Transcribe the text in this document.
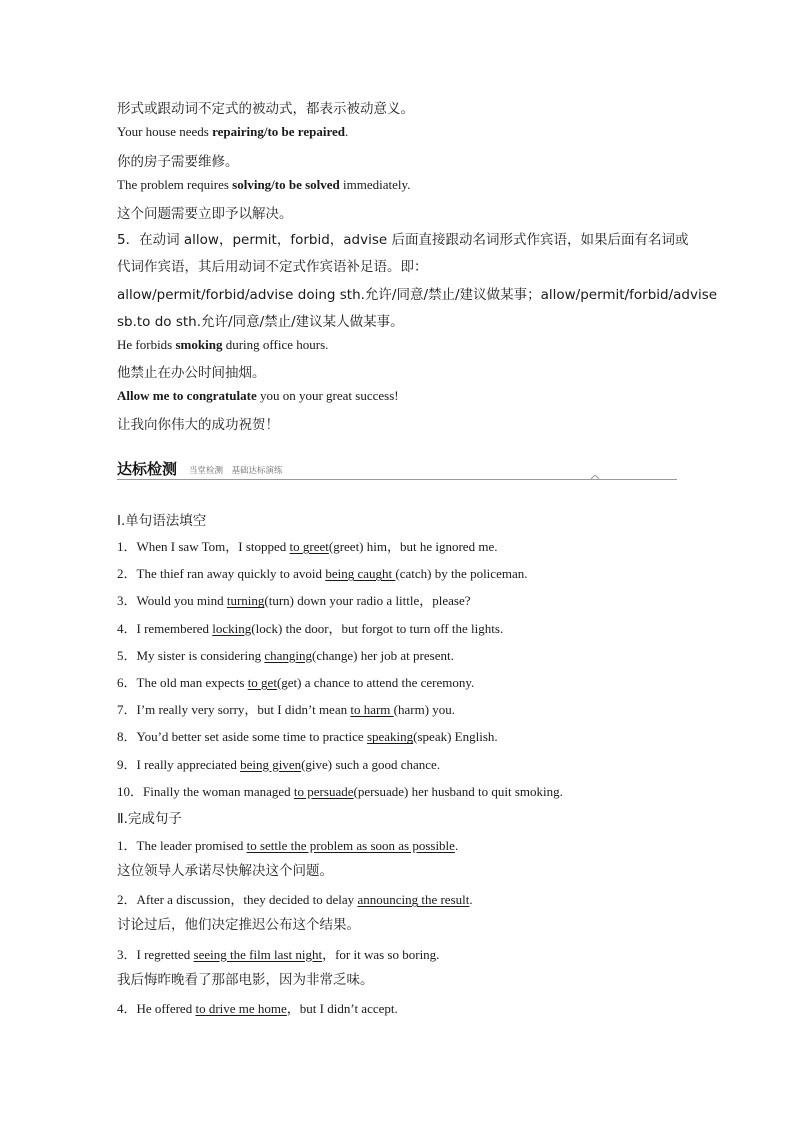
形式或跟动词不定式的被动式，都表示被动意义。
Your house needs repairing/to be repaired.
你的房子需要维修。
The problem requires solving/to be solved immediately.
这个问题需要立即予以解决。
5．在动词 allow，permit，forbid，advise 后面直接跟动名词形式作宾语，如果后面有名词或
代词作宾语，其后用动词不定式作宾语补足语。即：
allow/permit/forbid/advise doing sth.允许/同意/禁止/建议做某事；allow/permit/forbid/advise
sb.to do sth.允许/同意/禁止/建议某人做某事。
He forbids smoking during office hours.
他禁止在办公时间抽烟。
Allow me to congratulate you on your great success!
让我向你伟大的成功祝贺！
达标检测 当堂检测　基础达标演练
Ⅰ.单句语法填空
1．When I saw Tom，I stopped to greet(greet) him，but he ignored me.
2．The thief ran away quickly to avoid being caught (catch) by the policeman.
3．Would you mind turning(turn) down your radio a little，please?
4．I remembered locking(lock) the door，but forgot to turn off the lights.
5．My sister is considering changing(change) her job at present.
6．The old man expects to get(get) a chance to attend the ceremony.
7．I’m really very sorry，but I didn’t mean to harm (harm) you.
8．You’d better set aside some time to practice speaking(speak) English.
9．I really appreciated being given(give) such a good chance.
10．Finally the woman managed to persuade(persuade) her husband to quit smoking.
Ⅱ.完成句子
1．The leader promised to settle the problem as soon as possible.
这位领导人承诺尽快解决这个问题。
2．After a discussion，they decided to delay announcing the result.
讨论过后，他们决定推迟公布这个结果。
3．I regretted seeing the film last night，for it was so boring.
我后悔昨晚看了那部电影，因为非常乏味。
4．He offered to drive me home，but I didn’t accept.
